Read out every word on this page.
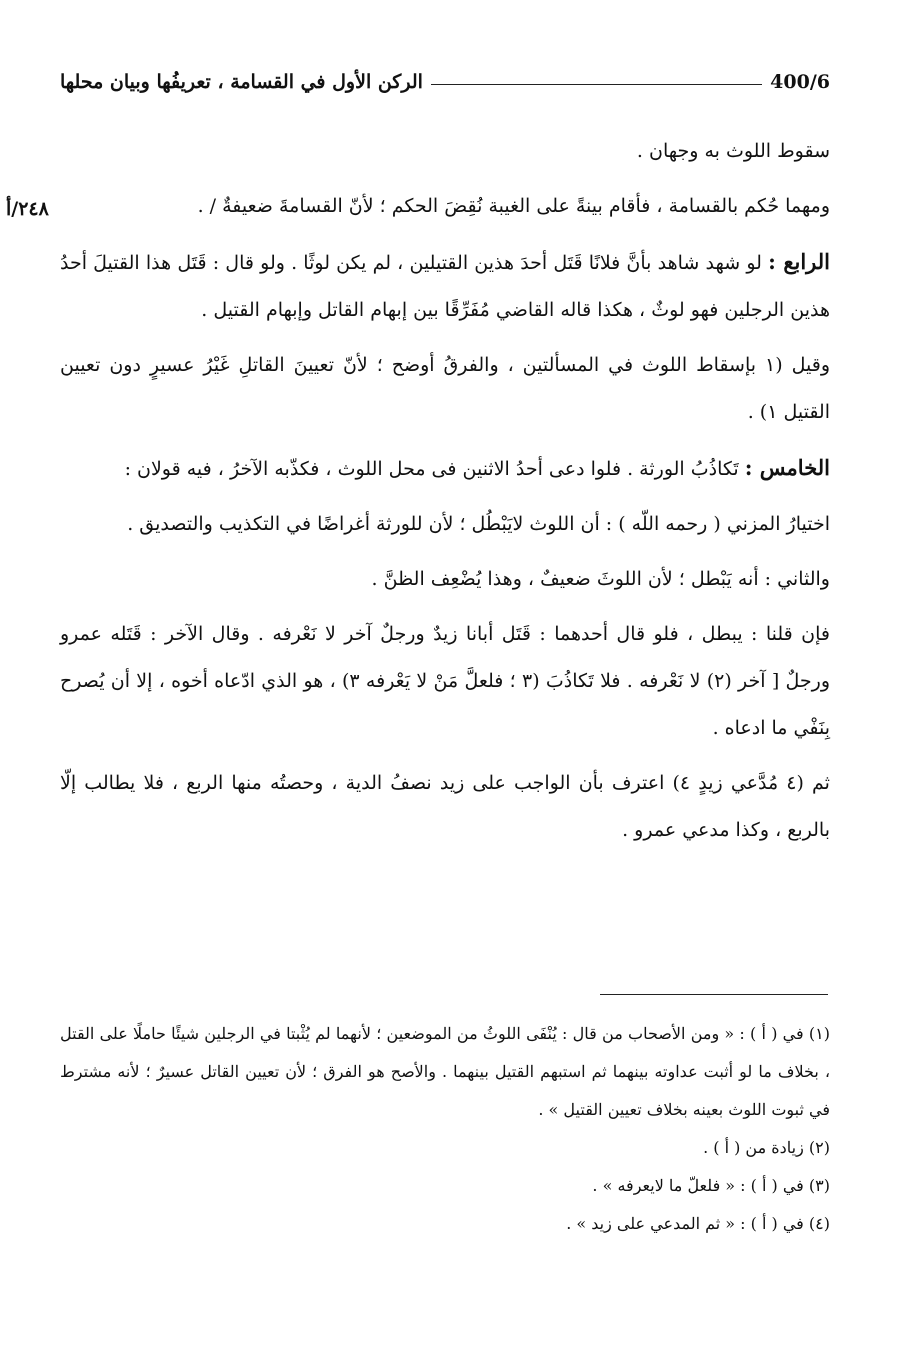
400/6
الركن الأول في القسامة ، تعريفُها وبيان محلها
٢٤٨/أ

سقوط اللوث به وجهان .

ومهما حُكم بالقسامة ، فأقام بينةً على الغيبة نُقِضَ الحكم ؛ لأنّ القسامةَ ضعيفةٌ / .

الرابع : لو شهد شاهد بأنَّ فلانًا قَتَل أحدَ هذين القتيلين ، لم يكن لوثًا . ولو قال : قَتَل هذا القتيلَ أحدُ هذين الرجلين فهو لوثٌ ، هكذا قاله القاضي مُفَرِّقًا بين إبهام القاتل وإبهام القتيل .

وقيل (١ بإسقاط اللوث في المسألتين ، والفرقُ أوضح ؛ لأنّ تعيينَ القاتلِ غَيْرُ عسيرٍ دون تعيين القتيل ١) .

الخامس : تَكاذُبُ الورثة . فلوا دعى أحدُ الاثنين فى محل اللوث ، فكذّبه الآخرُ ، فيه قولان :

اختيارُ المزني ( رحمه اللّه ) : أن اللوث لايَبْطُل ؛ لأن للورثة أغراضًا في التكذيب والتصديق .

والثاني : أنه يَبْطل ؛ لأن اللوثَ ضعيفٌ ، وهذا يُضْعِف الظنَّ .

فإن قلنا : يبطل ، فلو قال أحدهما : قَتَل أبانا زيدٌ ورجلٌ آخر لا نَعْرفه . وقال الآخر : قَتَله عمرو ورجلٌ [ آخر (٢) لا نَعْرفه . فلا تَكاذُبَ (٣ ؛ فلعلَّ مَنْ لا يَعْرفه ٣) ، هو الذي ادّعاه أخوه ، إلا أن يُصرح بِنَفْي ما ادعاه .

ثم (٤ مُدَّعي زيدٍ ٤) اعترف بأن الواجب على زيد نصفُ الدية ، وحصتُه منها الربع ، فلا يطالب إلّا بالربع ، وكذا مدعي عمرو .

(١) في ( أ ) : « ومن الأصحاب من قال : يُنْفَى اللوثُ من الموضعين ؛ لأنهما لم يُثْبتا في الرجلين شيئًا حاملًا على القتل ، بخلاف ما لو أثبت عداوته بينهما ثم استبهم القتيل بينهما . والأصح هو الفرق ؛ لأن تعيين القاتل عسيرٌ ؛ لأنه مشترط في ثبوت اللوث بعينه بخلاف تعيين القتيل » .

(٢) زيادة من ( أ ) .

(٣) في ( أ ) : « فلعلّ ما لايعرفه » .

(٤) في ( أ ) : « ثم المدعي على زيد » .
